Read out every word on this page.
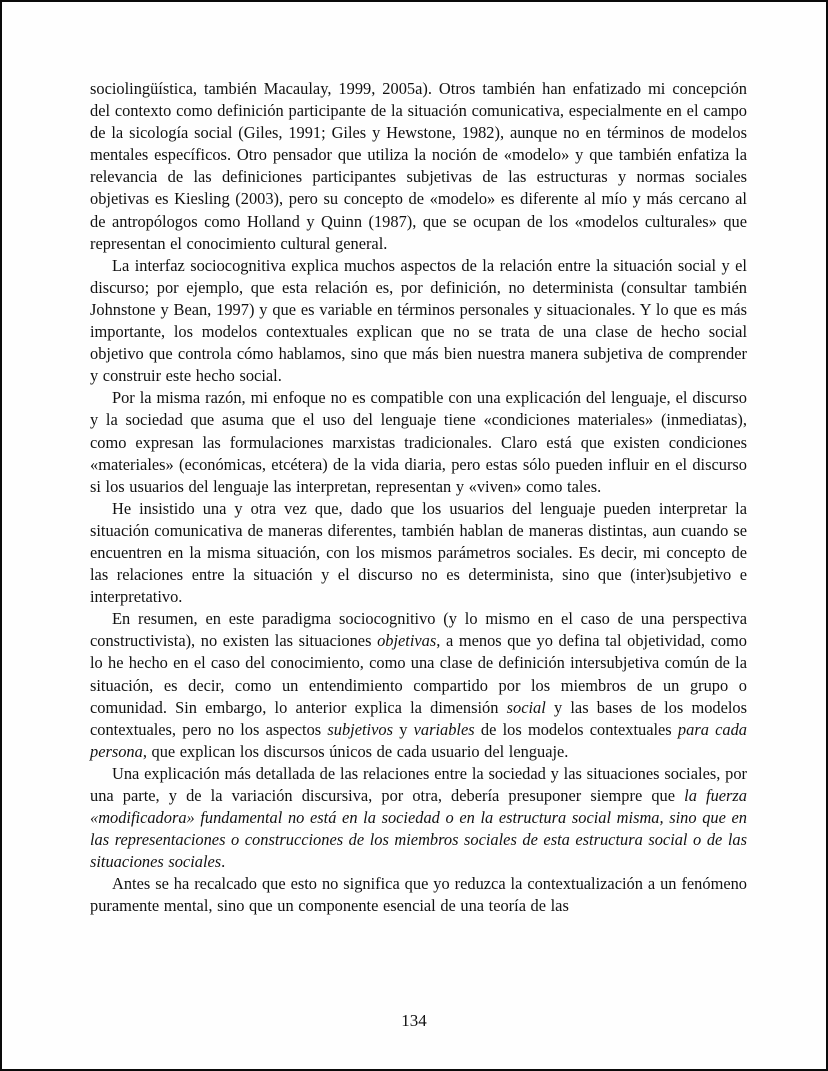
sociolingüística, también Macaulay, 1999, 2005a). Otros también han enfatizado mi concepción del contexto como definición participante de la situación comunicativa, especialmente en el campo de la sicología social (Giles, 1991; Giles y Hewstone, 1982), aunque no en términos de modelos mentales específicos. Otro pensador que utiliza la noción de «modelo» y que también enfatiza la relevancia de las definiciones participantes subjetivas de las estructuras y normas sociales objetivas es Kiesling (2003), pero su concepto de «modelo» es diferente al mío y más cercano al de antropólogos como Holland y Quinn (1987), que se ocupan de los «modelos culturales» que representan el conocimiento cultural general.

La interfaz sociocognitiva explica muchos aspectos de la relación entre la situación social y el discurso; por ejemplo, que esta relación es, por definición, no determinista (consultar también Johnstone y Bean, 1997) y que es variable en términos personales y situacionales. Y lo que es más importante, los modelos contextuales explican que no se trata de una clase de hecho social objetivo que controla cómo hablamos, sino que más bien nuestra manera subjetiva de comprender y construir este hecho social.

Por la misma razón, mi enfoque no es compatible con una explicación del lenguaje, el discurso y la sociedad que asuma que el uso del lenguaje tiene «condiciones materiales» (inmediatas), como expresan las formulaciones marxistas tradicionales. Claro está que existen condiciones «materiales» (económicas, etcétera) de la vida diaria, pero estas sólo pueden influir en el discurso si los usuarios del lenguaje las interpretan, representan y «viven» como tales.

He insistido una y otra vez que, dado que los usuarios del lenguaje pueden interpretar la situación comunicativa de maneras diferentes, también hablan de maneras distintas, aun cuando se encuentren en la misma situación, con los mismos parámetros sociales. Es decir, mi concepto de las relaciones entre la situación y el discurso no es determinista, sino que (inter)subjetivo e interpretativo.

En resumen, en este paradigma sociocognitivo (y lo mismo en el caso de una perspectiva constructivista), no existen las situaciones objetivas, a menos que yo defina tal objetividad, como lo he hecho en el caso del conocimiento, como una clase de definición intersubjetiva común de la situación, es decir, como un entendimiento compartido por los miembros de un grupo o comunidad. Sin embargo, lo anterior explica la dimensión social y las bases de los modelos contextuales, pero no los aspectos subjetivos y variables de los modelos contextuales para cada persona, que explican los discursos únicos de cada usuario del lenguaje.

Una explicación más detallada de las relaciones entre la sociedad y las situaciones sociales, por una parte, y de la variación discursiva, por otra, debería presuponer siempre que la fuerza «modificadora» fundamental no está en la sociedad o en la estructura social misma, sino que en las representaciones o construcciones de los miembros sociales de esta estructura social o de las situaciones sociales.

Antes se ha recalcado que esto no significa que yo reduzca la contextualización a un fenómeno puramente mental, sino que un componente esencial de una teoría de las

134
